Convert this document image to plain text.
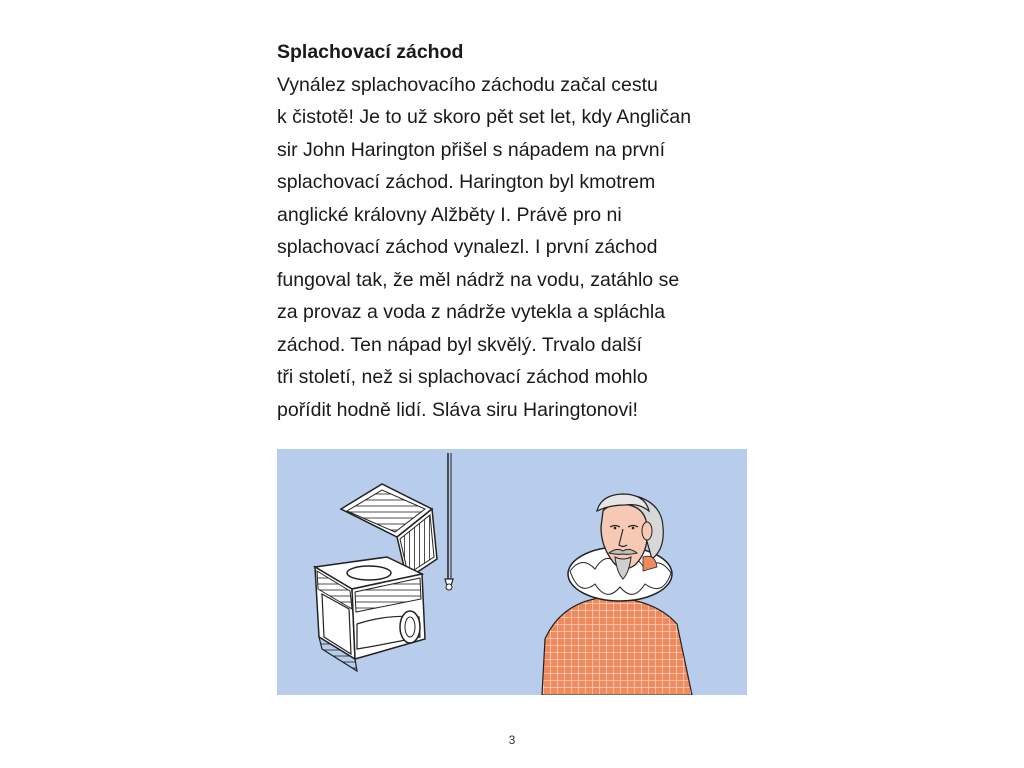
Splachovací záchod
Vynález splachovacího záchodu začal cestu
k čistotě! Je to už skoro pět set let, kdy Angličan
sir John Harington přišel s nápadem na první
splachovací záchod. Harington byl kmotrem
anglické královny Alžběty I. Právě pro ni
splachovací záchod vynalezl. I první záchod
fungoval tak, že měl nádrž na vodu, zatáhlo se
za provaz a voda z nádrže vytekla a spláchla
záchod. Ten nápad byl skvělý. Trvalo další
tři století, než si splachovací záchod mohlo
pořídit hodně lidí. Sláva siru Haringtonovi!
3
